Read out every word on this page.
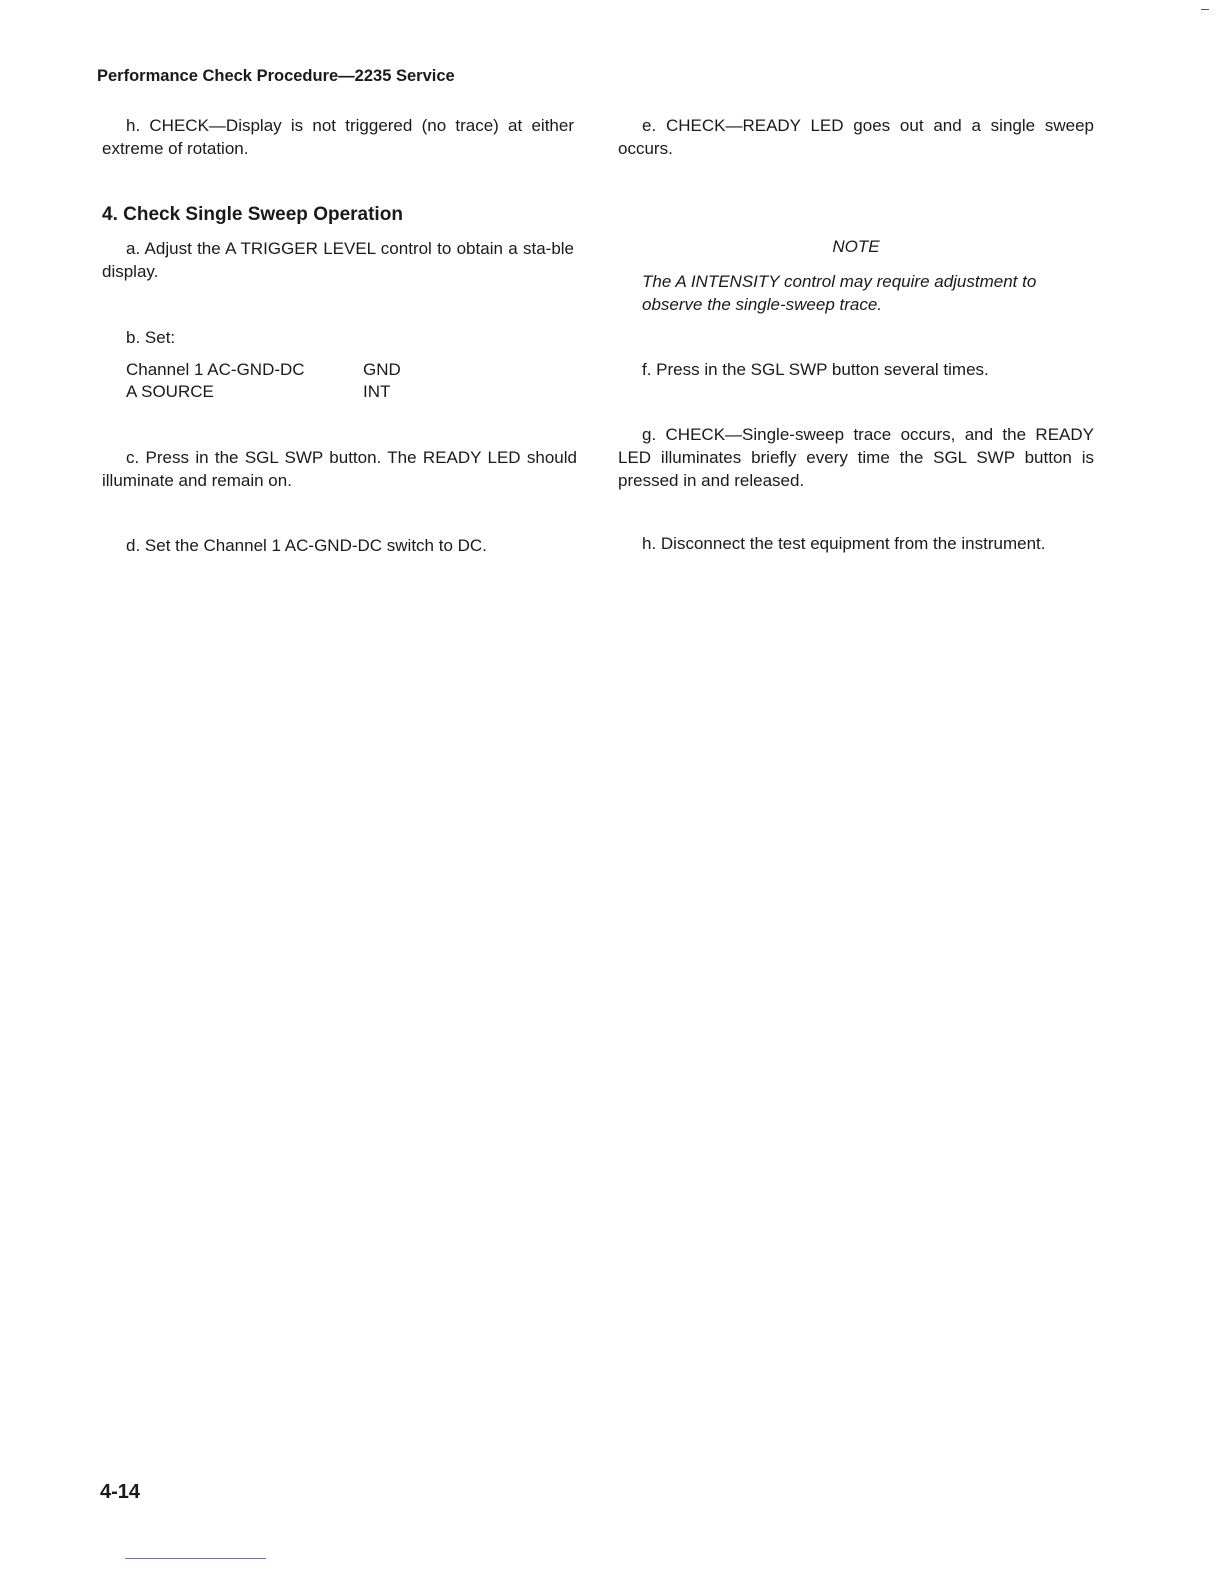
Performance Check Procedure—2235 Service

h. CHECK—Display is not triggered (no trace) at either extreme of rotation.

4. Check Single Sweep Operation

a. Adjust the A TRIGGER LEVEL control to obtain a sta-ble display.

b. Set:

Channel 1 AC-GND-DC	GND
A SOURCE	INT

c. Press in the SGL SWP button. The READY LED should illuminate and remain on.

d. Set the Channel 1 AC-GND-DC switch to DC.

e. CHECK—READY LED goes out and a single sweep occurs.

NOTE

The A INTENSITY control may require adjustment to observe the single-sweep trace.

f. Press in the SGL SWP button several times.

g. CHECK—Single-sweep trace occurs, and the READY LED illuminates briefly every time the SGL SWP button is pressed in and released.

h. Disconnect the test equipment from the instrument.

4-14
